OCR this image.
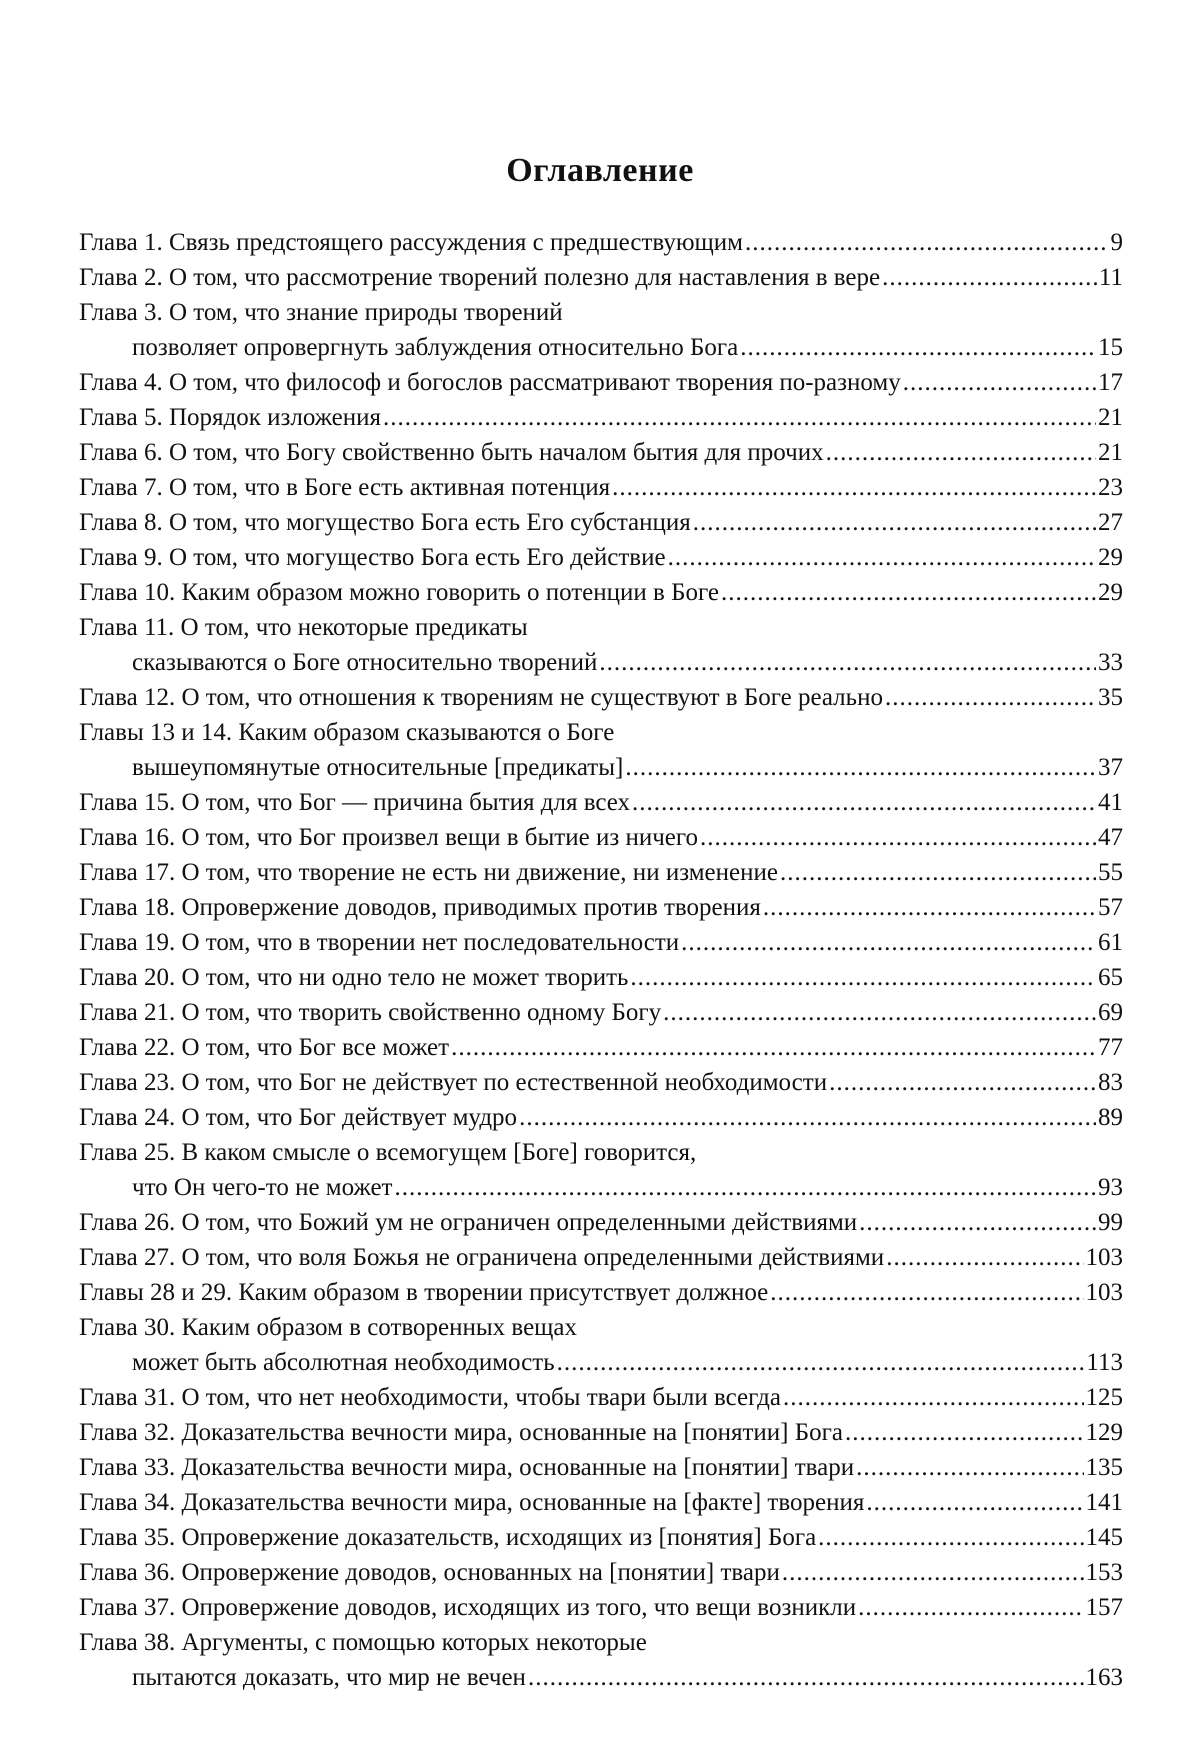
Оглавление
Глава 1. Связь предстоящего рассуждения с предшествующим .....	9
Глава 2. О том, что рассмотрение творений полезно для наставления в вере .....	11
Глава 3. О том, что знание природы творений
позволяет опровергнуть заблуждения относительно Бога .....	15
Глава 4. О том, что философ и богослов рассматривают творения по-разному .....	17
Глава 5. Порядок изложения .....	21
Глава 6. О том, что Богу свойственно быть началом бытия для прочих .....	21
Глава 7. О том, что в Боге есть активная потенция .....	23
Глава 8. О том, что могущество Бога есть Его субстанция .....	27
Глава 9. О том, что могущество Бога есть Его действие .....	29
Глава 10. Каким образом можно говорить о потенции в Боге .....	29
Глава 11. О том, что некоторые предикаты
сказываются о Боге относительно творений .....	33
Глава 12. О том, что отношения к творениям не существуют в Боге реально .....	35
Главы 13 и 14. Каким образом сказываются о Боге
вышеупомянутые относительные [предикаты] .....	37
Глава 15. О том, что Бог — причина бытия для всех .....	41
Глава 16. О том, что Бог произвел вещи в бытие из ничего .....	47
Глава 17. О том, что творение не есть ни движение, ни изменение .....	55
Глава 18. Опровержение доводов, приводимых против творения .....	57
Глава 19. О том, что в творении нет последовательности .....	61
Глава 20. О том, что ни одно тело не может творить .....	65
Глава 21. О том, что творить свойственно одному Богу .....	69
Глава 22. О том, что Бог все может .....	77
Глава 23. О том, что Бог не действует по естественной необходимости .....	83
Глава 24. О том, что Бог действует мудро .....	89
Глава 25. В каком смысле о всемогущем [Боге] говорится,
что Он чего-то не может .....	93
Глава 26. О том, что Божий ум не ограничен определенными действиями .....	99
Глава 27. О том, что воля Божья не ограничена определенными действиями .....	103
Главы 28 и 29. Каким образом в творении присутствует должное .....	103
Глава 30. Каким образом в сотворенных вещах
может быть абсолютная необходимость .....	113
Глава 31. О том, что нет необходимости, чтобы твари были всегда .....	125
Глава 32. Доказательства вечности мира, основанные на [понятии] Бога .....	129
Глава 33. Доказательства вечности мира, основанные на [понятии] твари .....	135
Глава 34. Доказательства вечности мира, основанные на [факте] творения .....	141
Глава 35. Опровержение доказательств, исходящих из [понятия] Бога .....	145
Глава 36. Опровержение доводов, основанных на [понятии] твари .....	153
Глава 37. Опровержение доводов, исходящих из того, что вещи возникли .....	157
Глава 38. Аргументы, с помощью которых некоторые
пытаются доказать, что мир не вечен .....	163
